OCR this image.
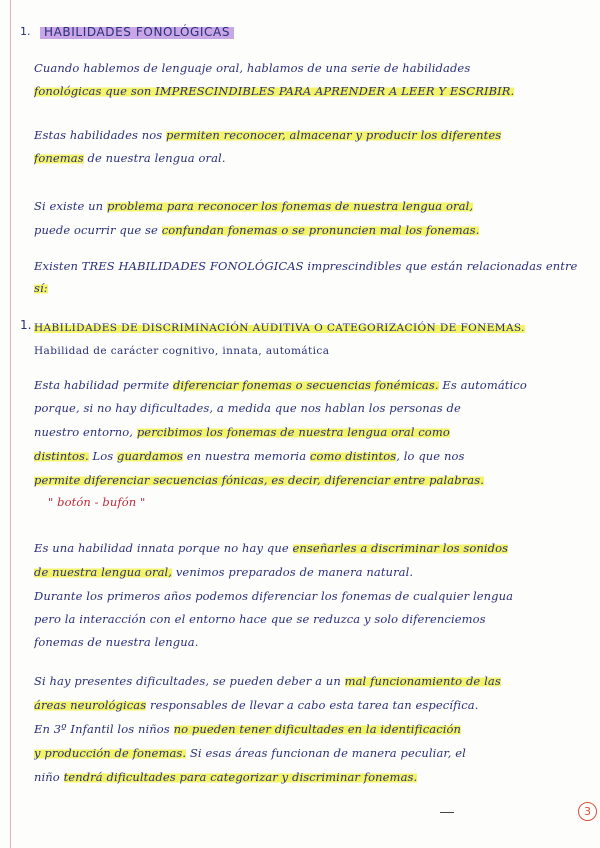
1.	HABILIDADES FONOLÓGICAS
Cuando hablemos de lenguaje oral, hablamos de una serie de habilidades
fonológicas que son IMPRESCINDIBLES PARA APRENDER A LEER Y ESCRIBIR.
Estas habilidades nos permiten reconocer, almacenar y producir los diferentes
fonemas de nuestra lengua oral.
Si existe un problema para reconocer los fonemas de nuestra lengua oral,
puede ocurrir que se confundan fonemas o se pronuncien mal los fonemas.
Existen TRES HABILIDADES FONOLÓGICAS imprescindibles que están relacionadas entre
sí:
1. HABILIDADES DE DISCRIMINACIÓN AUDITIVA O CATEGORIZACIÓN DE FONEMAS.
Habilidad de carácter cognitivo, innata, automática
Esta habilidad permite diferenciar fonemas o secuencias fonémicas. Es automático
porque, si no hay dificultades, a medida que nos hablan los personas de
nuestro entorno, percibimos los fonemas de nuestra lengua oral como
distintos. Los guardamos en nuestra memoria como distintos, lo que nos
permite diferenciar secuencias fónicas, es decir, diferenciar entre palabras.
" botón - bufón "
Es una habilidad innata porque no hay que enseñarles a discriminar los sonidos
de nuestra lengua oral, venimos preparados de manera natural.
Durante los primeros años podemos diferenciar los fonemas de cualquier lengua
pero la interacción con el entorno hace que se reduzca y solo diferenciemos
fonemas de nuestra lengua.
Si hay presentes dificultades, se pueden deber a un mal funcionamiento de las
áreas neurológicas responsables de llevar a cabo esta tarea tan específica.
En 3º Infantil los niños no pueden tener dificultades en la identificación
y producción de fonemas. Si esas áreas funcionan de manera peculiar, el
niño tendrá dificultades para categorizar y discriminar fonemas.
3
